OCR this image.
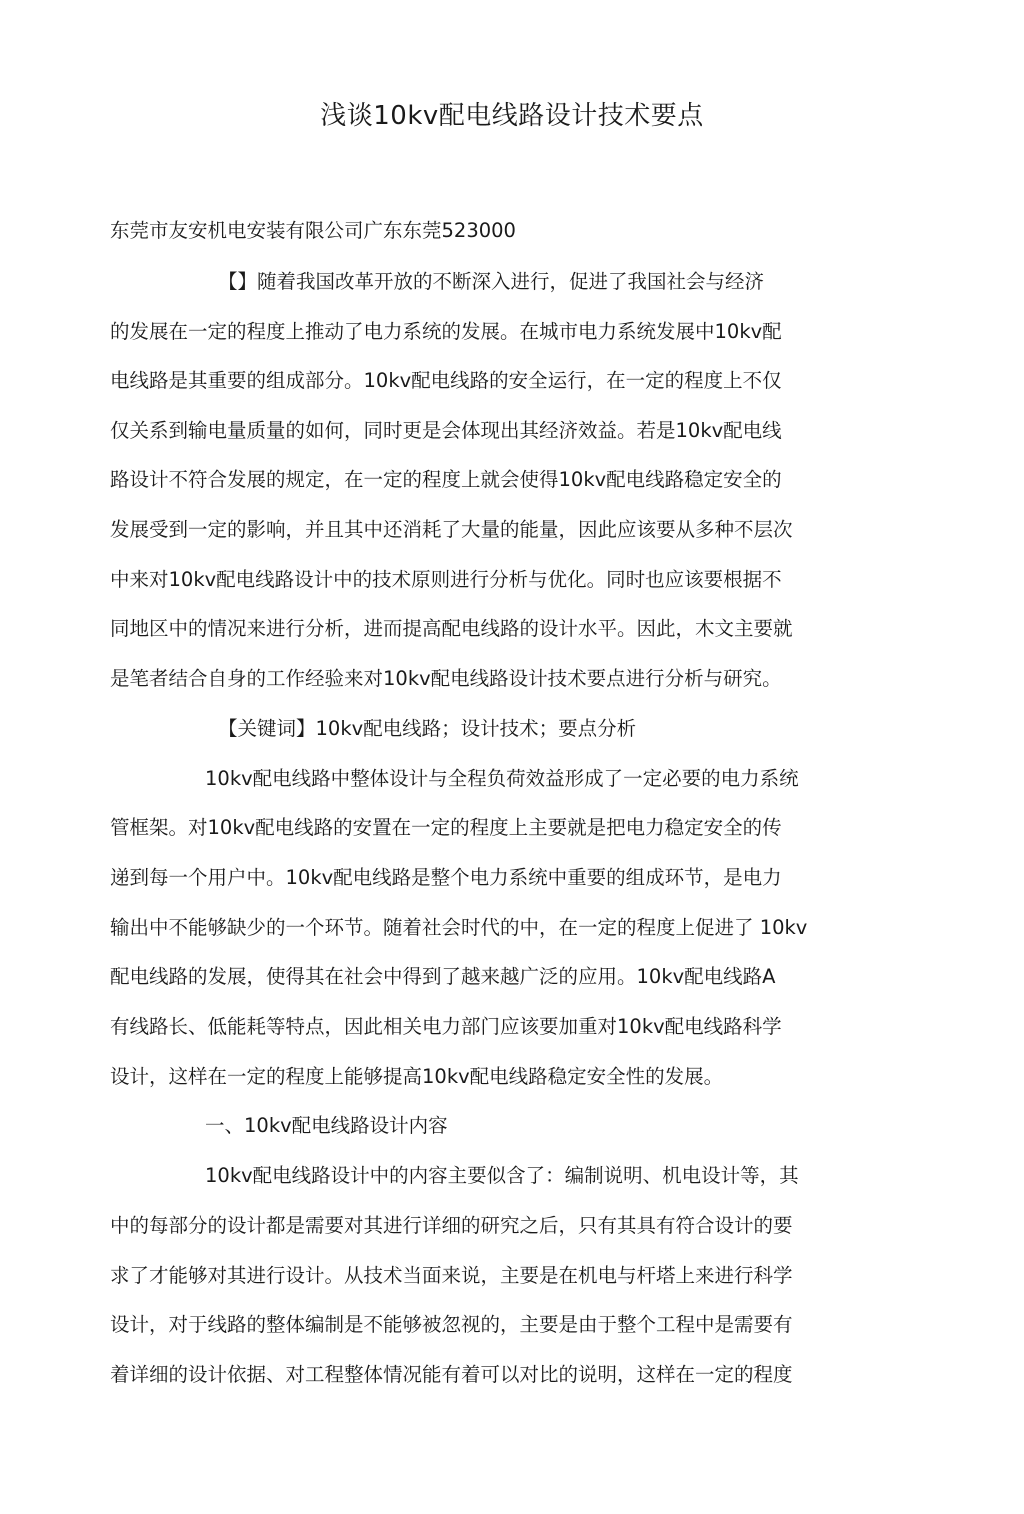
浅谈10kv配电线路设计技术要点
东莞市友安机电安装有限公司广东东莞523000
【】随着我国改革开放的不断深入进行，促进了我国社会与经济
的发展在一定的程度上推动了电力系统的发展。在城市电力系统发展中10kv配
电线路是其重要的组成部分。10kv配电线路的安全运行，在一定的程度上不仅
仅关系到输电量质量的如何，同时更是会体现出其经济效益。若是10kv配电线
路设计不符合发展的规定，在一定的程度上就会使得10kv配电线路稳定安全的
发展受到一定的影响，并且其中还消耗了大量的能量，因此应该要从多种不层次
中来对10kv配电线路设计中的技术原则进行分析与优化。同时也应该要根据不
同地区中的情况来进行分析，进而提高配电线路的设计水平。因此，木文主要就
是笔者结合自身的工作经验来对10kv配电线路设计技术要点进行分析与研究。
【关键词】10kv配电线路；设计技术；要点分析
10kv配电线路中整体设计与全程负荷效益形成了一定必要的电力系统
管框架。对10kv配电线路的安置在一定的程度上主要就是把电力稳定安全的传
递到每一个用户中。10kv配电线路是整个电力系统中重要的组成环节，是电力
输出中不能够缺少的一个环节。随着社会时代的中，在一定的程度上促进了 10kv
配电线路的发展，使得其在社会中得到了越来越广泛的应用。10kv配电线路A
有线路长、低能耗等特点，因此相关电力部门应该要加重对10kv配电线路科学
设计，这样在一定的程度上能够提高10kv配电线路稳定安全性的发展。
一、10kv配电线路设计内容
10kv配电线路设计中的内容主要似含了：编制说明、机电设计等，其
中的每部分的设计都是需要对其进行详细的研究之后，只有其具有符合设计的要
求了才能够对其进行设计。从技术当面来说，主要是在机电与杆塔上来进行科学
设计，对于线路的整体编制是不能够被忽视的，主要是由于整个工程中是需要有
着详细的设计依据、对工程整体情况能有着可以对比的说明，这样在一定的程度
